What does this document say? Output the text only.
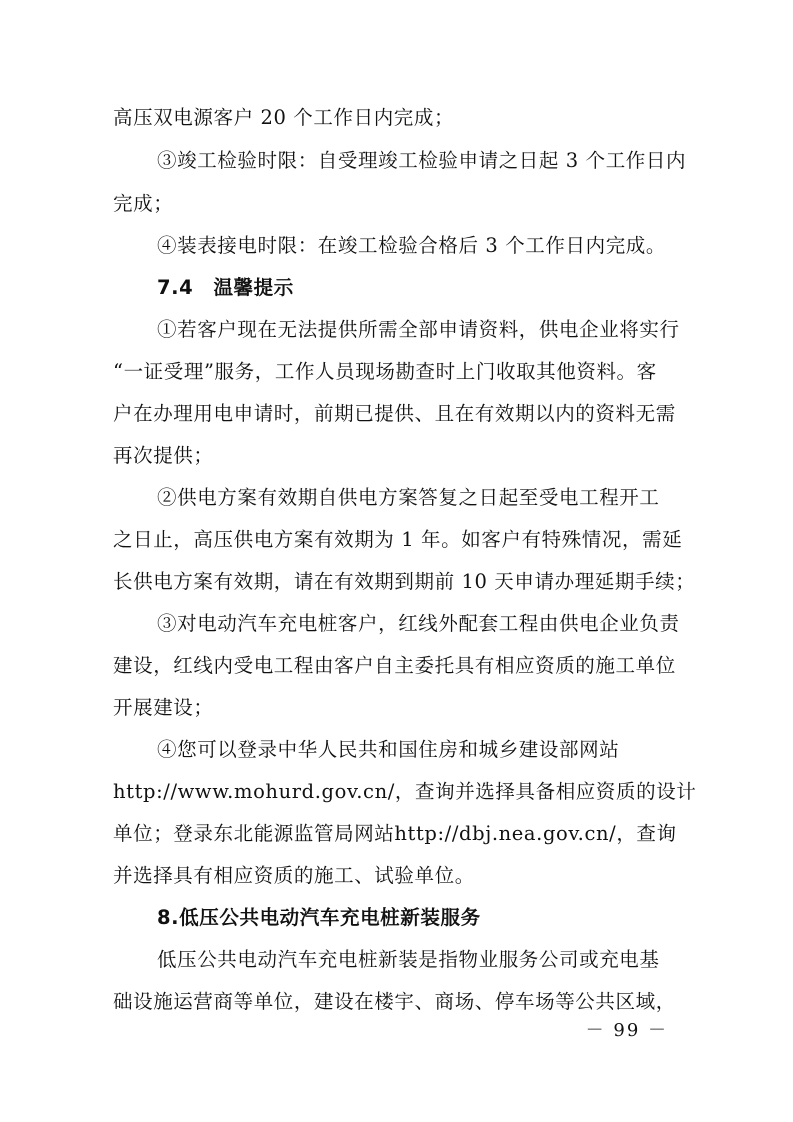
高压双电源客户 20 个工作日内完成；
③竣工检验时限：自受理竣工检验申请之日起 3 个工作日内
完成；
④装表接电时限：在竣工检验合格后 3 个工作日内完成。
7.4　温馨提示
①若客户现在无法提供所需全部申请资料，供电企业将实行
“一证受理”服务，工作人员现场勘查时上门收取其他资料。客
户在办理用电申请时，前期已提供、且在有效期以内的资料无需
再次提供；
②供电方案有效期自供电方案答复之日起至受电工程开工
之日止，高压供电方案有效期为 1 年。如客户有特殊情况，需延
长供电方案有效期，请在有效期到期前 10 天申请办理延期手续；
③对电动汽车充电桩客户，红线外配套工程由供电企业负责
建设，红线内受电工程由客户自主委托具有相应资质的施工单位
开展建设；
④您可以登录中华人民共和国住房和城乡建设部网站
http://www.mohurd.gov.cn/，查询并选择具备相应资质的设计
单位；登录东北能源监管局网站http://dbj.nea.gov.cn/，查询
并选择具有相应资质的施工、试验单位。
8.低压公共电动汽车充电桩新装服务
低压公共电动汽车充电桩新装是指物业服务公司或充电基
础设施运营商等单位，建设在楼宇、商场、停车场等公共区域，
－ 99 －
